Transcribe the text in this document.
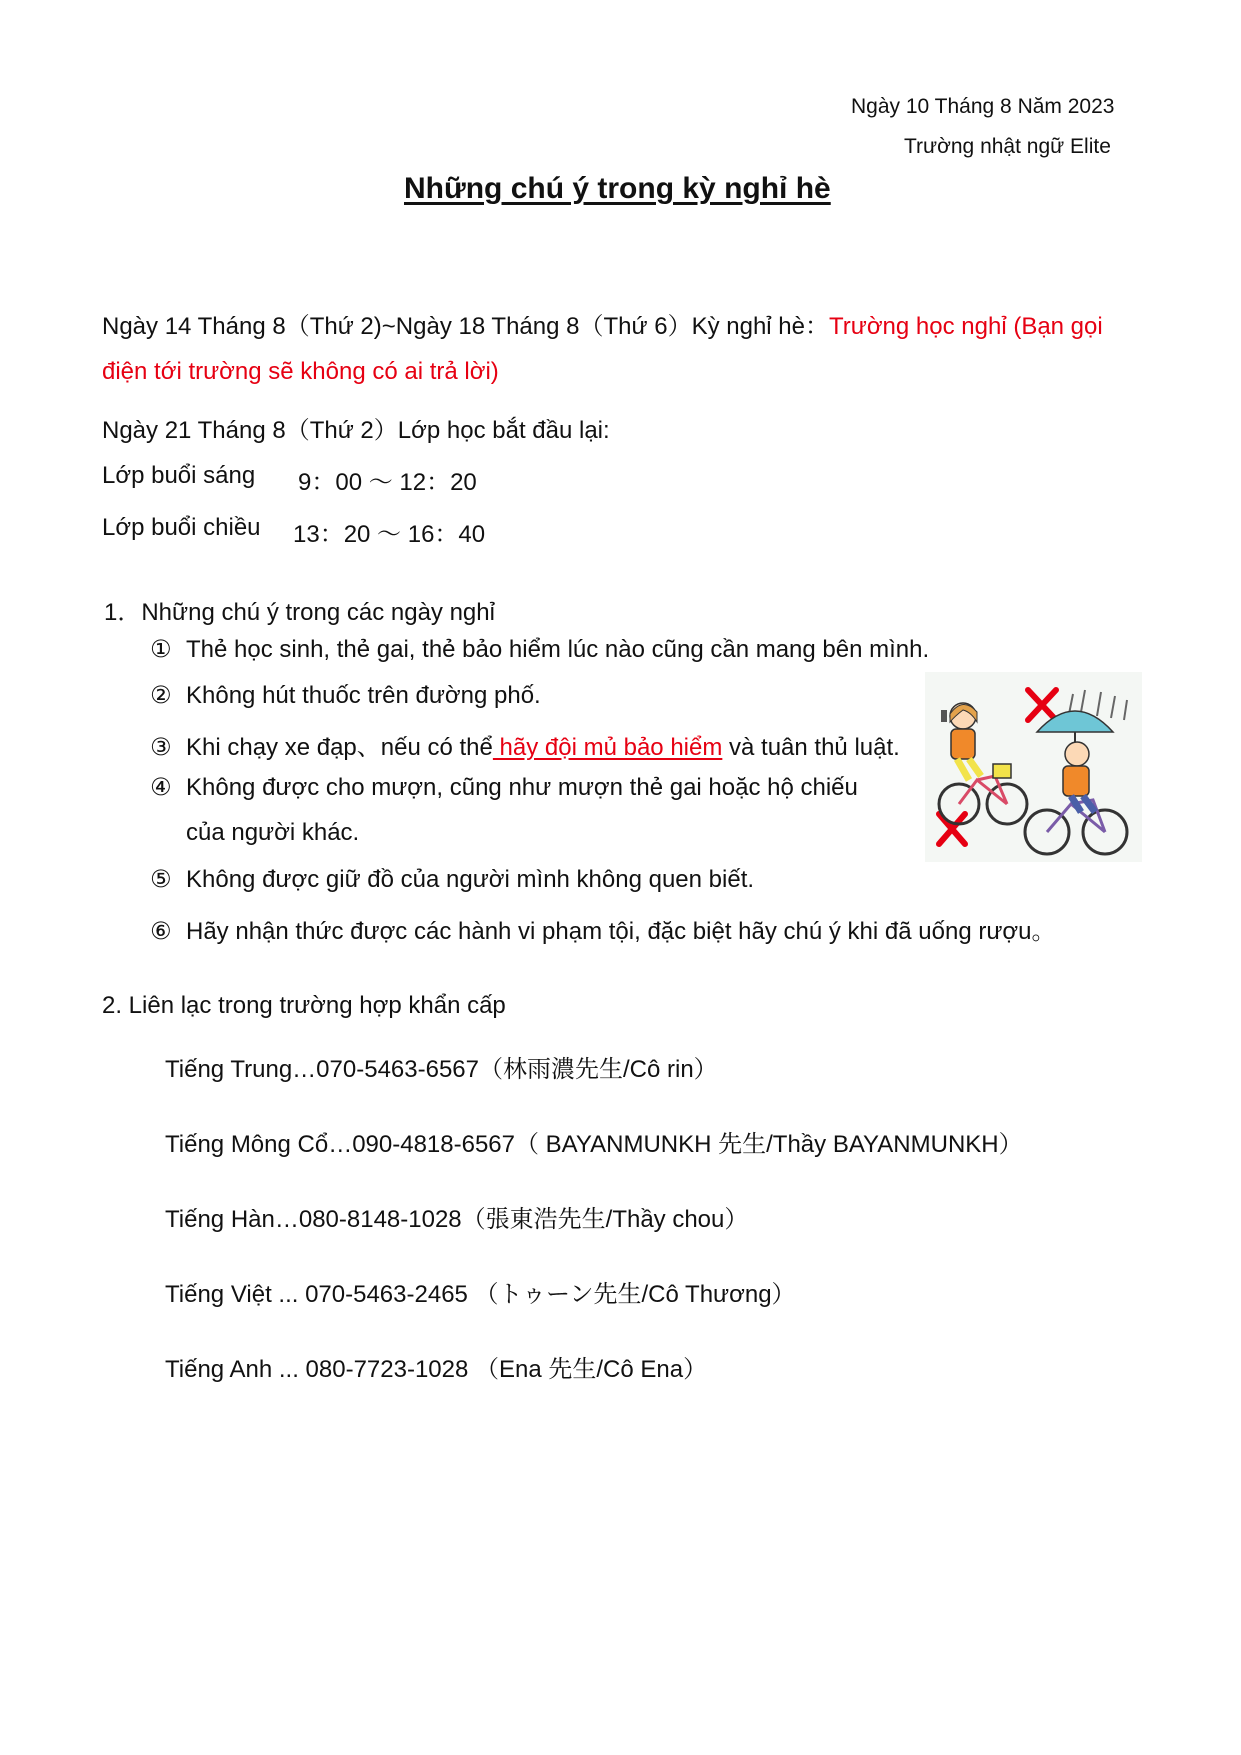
Ngày 10 Tháng 8 Năm 2023
Trường nhật ngữ Elite
Những chú ý trong kỳ nghỉ hè
Ngày 14 Tháng 8（Thứ 2)~Ngày 18 Tháng 8（Thứ 6）Kỳ nghỉ hè：Trường học nghỉ (Bạn gọi
điện tới trường sẽ không có ai trả lời)
Ngày 21 Tháng 8（Thứ 2）Lớp học bắt đầu lại:
Lớp buổi sáng 9：00 ～ 12：20
Lớp buổi chiều 13：20 ～ 16：40
1．Những chú ý trong các ngày nghỉ
① Thẻ học sinh, thẻ gai, thẻ bảo hiểm lúc nào cũng cần mang bên mình.
② Không hút thuốc trên đường phố.
③ Khi chạy xe đạp、nếu có thể hãy đội mủ bảo hiểm và tuân thủ luật.
④ Không được cho mượn, cũng như mượn thẻ gai hoặc hộ chiếu
của người khác.
⑤ Không được giữ đồ của người mình không quen biết.
⑥ Hãy nhận thức được các hành vi phạm tội, đặc biệt hãy chú ý khi đã uống rượu。
2. Liên lạc trong trường hợp khẩn cấp
Tiếng Trung…070-5463-6567（林雨濃先生/Cô rin）
Tiếng Mông Cổ…090-4818-6567（ BAYANMUNKH 先生/Thầy BAYANMUNKH）
Tiếng Hàn…080-8148-1028（張東浩先生/Thầy chou）
Tiếng Việt ... 070-5463-2465 （トゥーン先生/Cô Thương）
Tiếng Anh ... 080-7723-1028 （Ena 先生/Cô Ena）
